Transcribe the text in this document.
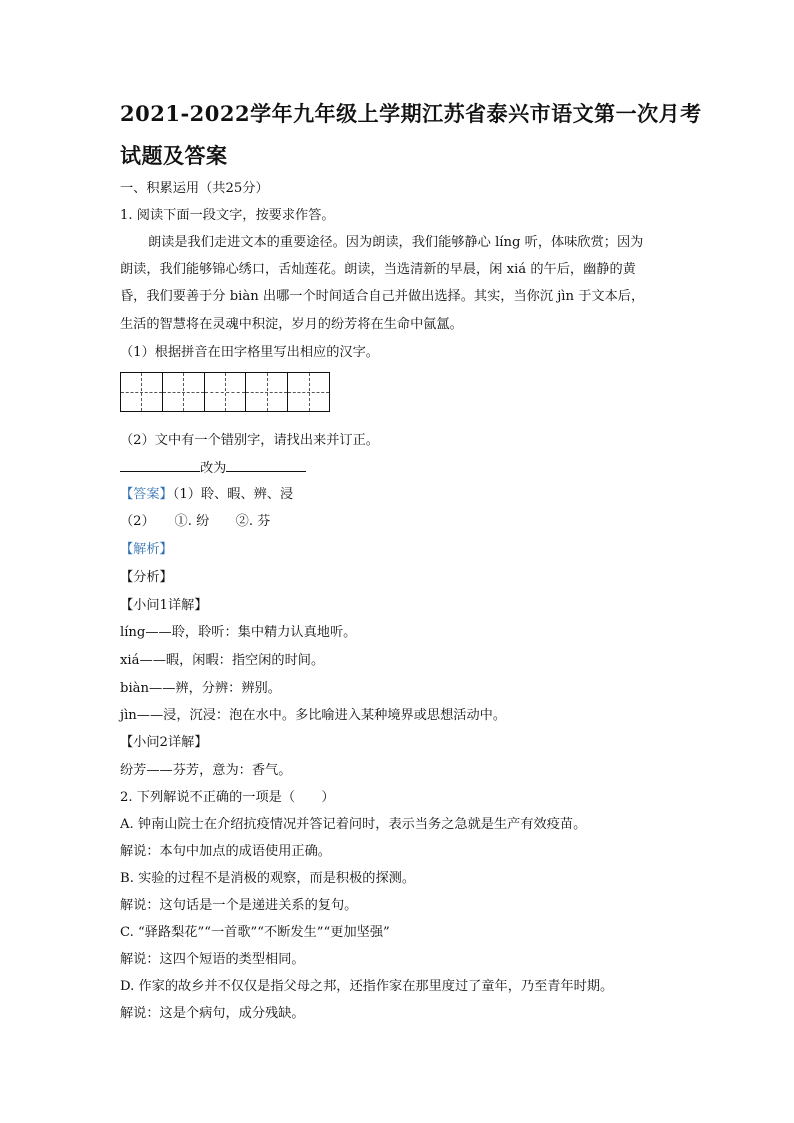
2021-2022学年九年级上学期江苏省泰兴市语文第一次月考
试题及答案

一、积累运用（共25分）

1. 阅读下面一段文字，按要求作答。

朗读是我们走进文本的重要途径。因为朗读，我们能够静心 líng 听，体味欣赏；因为

朗读，我们能够锦心绣口，舌灿莲花。朗读，当选清新的早晨，闲 xiá 的午后，幽静的黄

昏，我们要善于分 biàn 出哪一个时间适合自己并做出选择。其实，当你沉 jìn 于文本后，

生活的智慧将在灵魂中积淀，岁月的纷芳将在生命中氤氲。

（1）根据拼音在田字格里写出相应的汉字。

（2）文中有一个错别字，请找出来并订正。

改为

【答案】（1）聆、暇、辨、浸

（2）　　①. 纷　　②. 芬

【解析】

【分析】

【小问1详解】

líng——聆，聆听：集中精力认真地听。

xiá——暇，闲暇：指空闲的时间。

biàn——辨，分辨：辨别。

jìn——浸，沉浸：泡在水中。多比喻进入某种境界或思想活动中。

【小问2详解】

纷芳——芬芳，意为：香气。

2. 下列解说不正确的一项是（　　）

A. 钟南山院士在介绍抗疫情况并答记着问时，表示当务之急就是生产有效疫苗。

解说：本句中加点的成语使用正确。

B. 实验的过程不是消极的观察，而是积极的探测。

解说：这句话是一个是递进关系的复句。

C. “驿路梨花”“一首歌”“不断发生”“更加坚强”

解说：这四个短语的类型相同。

D. 作家的故乡并不仅仅是指父母之邦，还指作家在那里度过了童年，乃至青年时期。

解说：这是个病句，成分残缺。
